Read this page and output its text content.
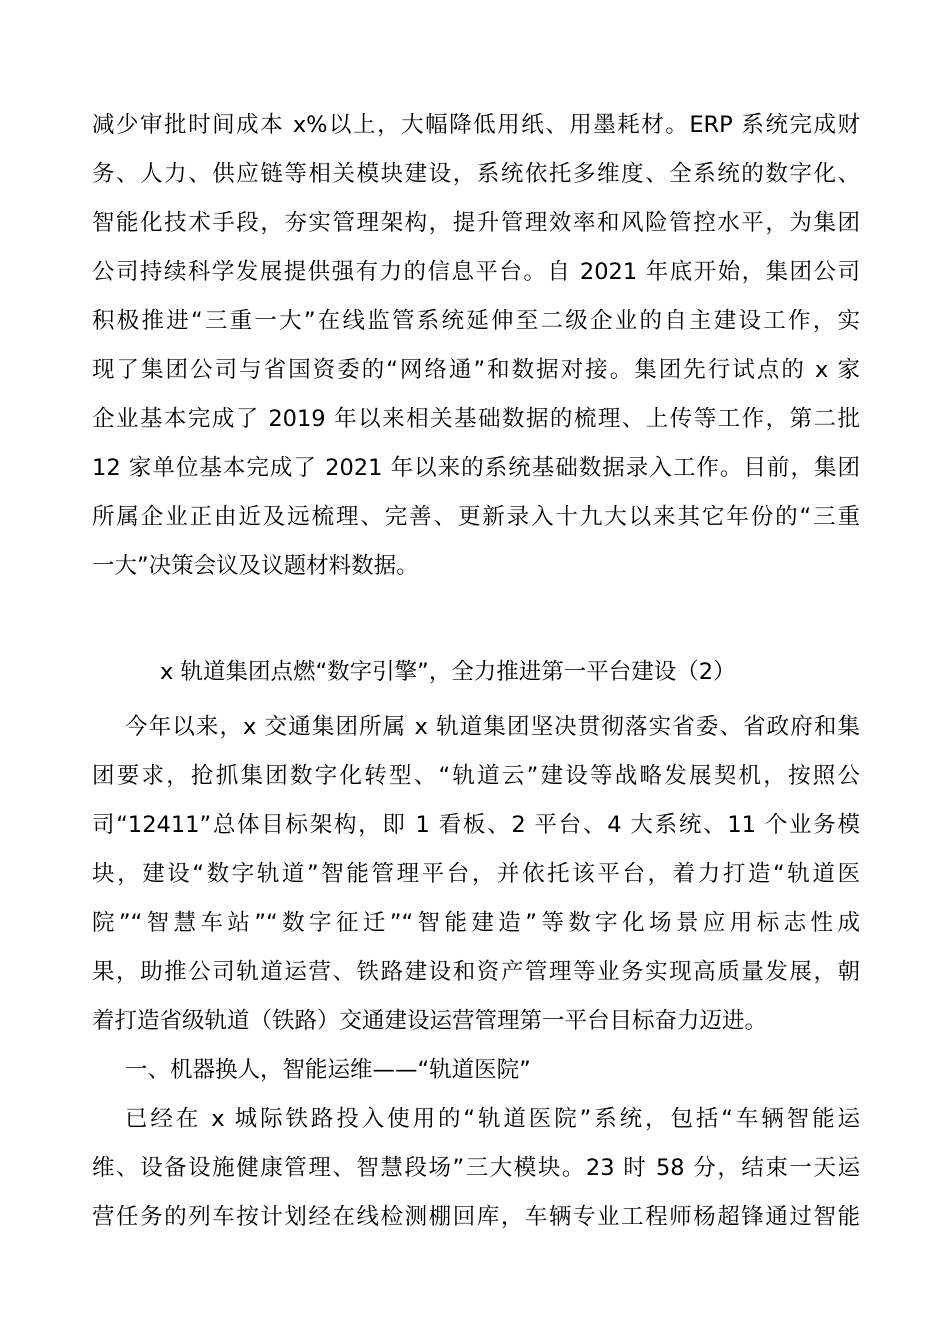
减少审批时间成本 x%以上，大幅降低用纸、用墨耗材。ERP 系统完成财
务、人力、供应链等相关模块建设，系统依托多维度、全系统的数字化、
智能化技术手段，夯实管理架构，提升管理效率和风险管控水平，为集团
公司持续科学发展提供强有力的信息平台。自 2021 年底开始，集团公司
积极推进“三重一大”在线监管系统延伸至二级企业的自主建设工作，实
现了集团公司与省国资委的“网络通”和数据对接。集团先行试点的 x 家
企业基本完成了 2019 年以来相关基础数据的梳理、上传等工作，第二批
12 家单位基本完成了 2021 年以来的系统基础数据录入工作。目前，集团
所属企业正由近及远梳理、完善、更新录入十九大以来其它年份的“三重
一大”决策会议及议题材料数据。
x 轨道集团点燃“数字引擎”，全力推进第一平台建设（2）
今年以来，x 交通集团所属 x 轨道集团坚决贯彻落实省委、省政府和集
团要求，抢抓集团数字化转型、“轨道云”建设等战略发展契机，按照公
司“12411”总体目标架构，即 1 看板、2 平台、4 大系统、11 个业务模
块，建设“数字轨道”智能管理平台，并依托该平台，着力打造“轨道医
院”“智慧车站”“数字征迁”“智能建造”等数字化场景应用标志性成
果，助推公司轨道运营、铁路建设和资产管理等业务实现高质量发展，朝
着打造省级轨道（铁路）交通建设运营管理第一平台目标奋力迈进。
一、机器换人，智能运维——“轨道医院”
已经在 x 城际铁路投入使用的“轨道医院”系统，包括“车辆智能运
维、设备设施健康管理、智慧段场”三大模块。23 时 58 分，结束一天运
营任务的列车按计划经在线检测棚回库，车辆专业工程师杨超锋通过智能
